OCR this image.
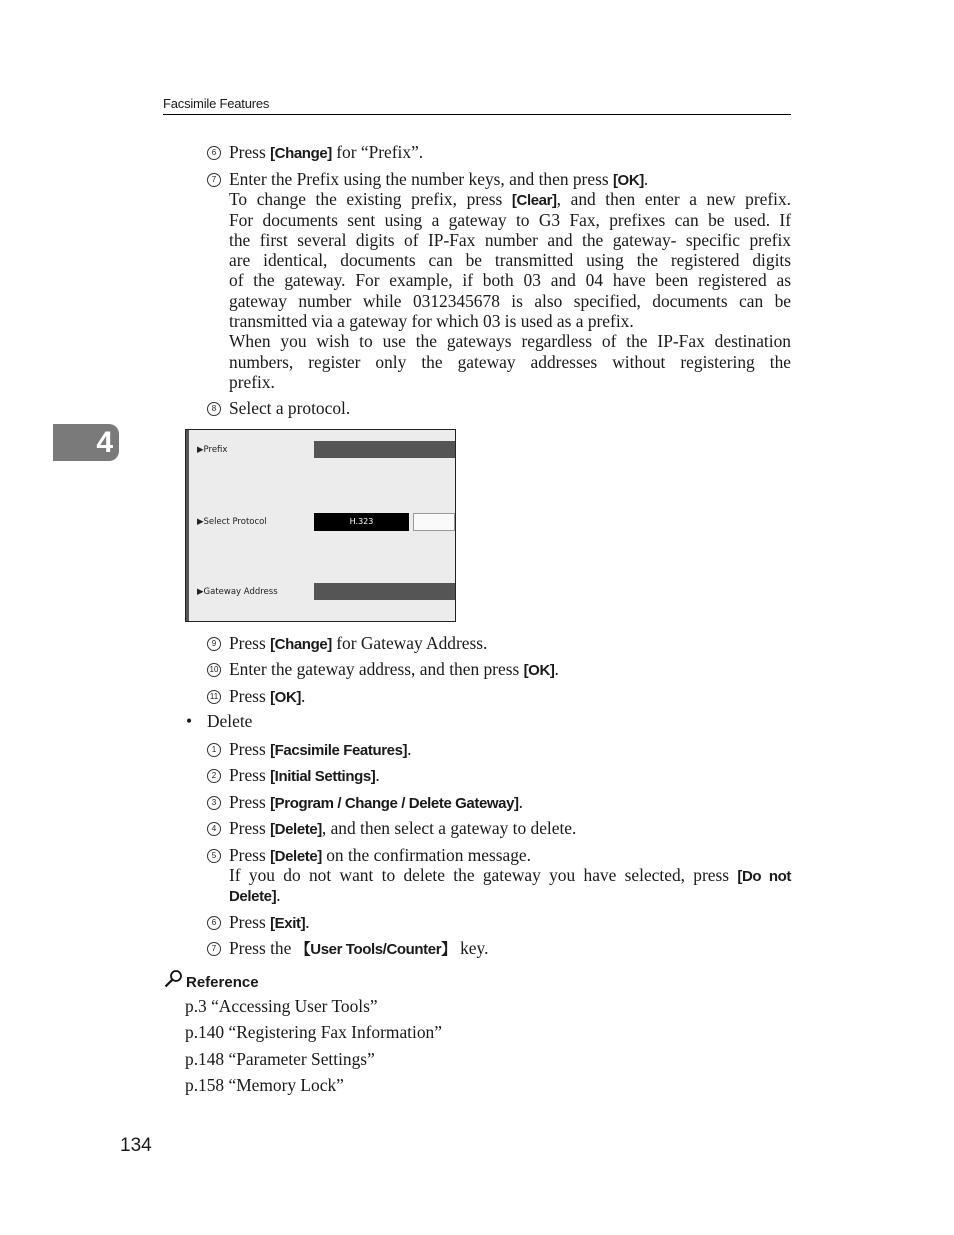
Facsimile Features
4
6 Press [Change] for “Prefix”.
7 Enter the Prefix using the number keys, and then press [OK].
To change the existing prefix, press [Clear], and then enter a new prefix.
For documents sent using a gateway to G3 Fax, prefixes can be used. If
the first several digits of IP-Fax number and the gateway- specific prefix
are identical, documents can be transmitted using the registered digits
of the gateway. For example, if both 03 and 04 have been registered as
gateway number while 0312345678 is also specified, documents can be
transmitted via a gateway for which 03 is used as a prefix.
When you wish to use the gateways regardless of the IP-Fax destination
numbers, register only the gateway addresses without registering the
prefix.
8 Select a protocol.
▶Prefix
▶Select Protocol	H.323
▶Gateway Address
9 Press [Change] for Gateway Address.
10 Enter the gateway address, and then press [OK].
11 Press [OK].
• Delete
1 Press [Facsimile Features].
2 Press [Initial Settings].
3 Press [Program / Change / Delete Gateway].
4 Press [Delete], and then select a gateway to delete.
5 Press [Delete] on the confirmation message.
If you do not want to delete the gateway you have selected, press [Do not
Delete].
6 Press [Exit].
7 Press the 【User Tools/Counter】 key.
Reference
p.3 “Accessing User Tools”
p.140 “Registering Fax Information”
p.148 “Parameter Settings”
p.158 “Memory Lock”
134
